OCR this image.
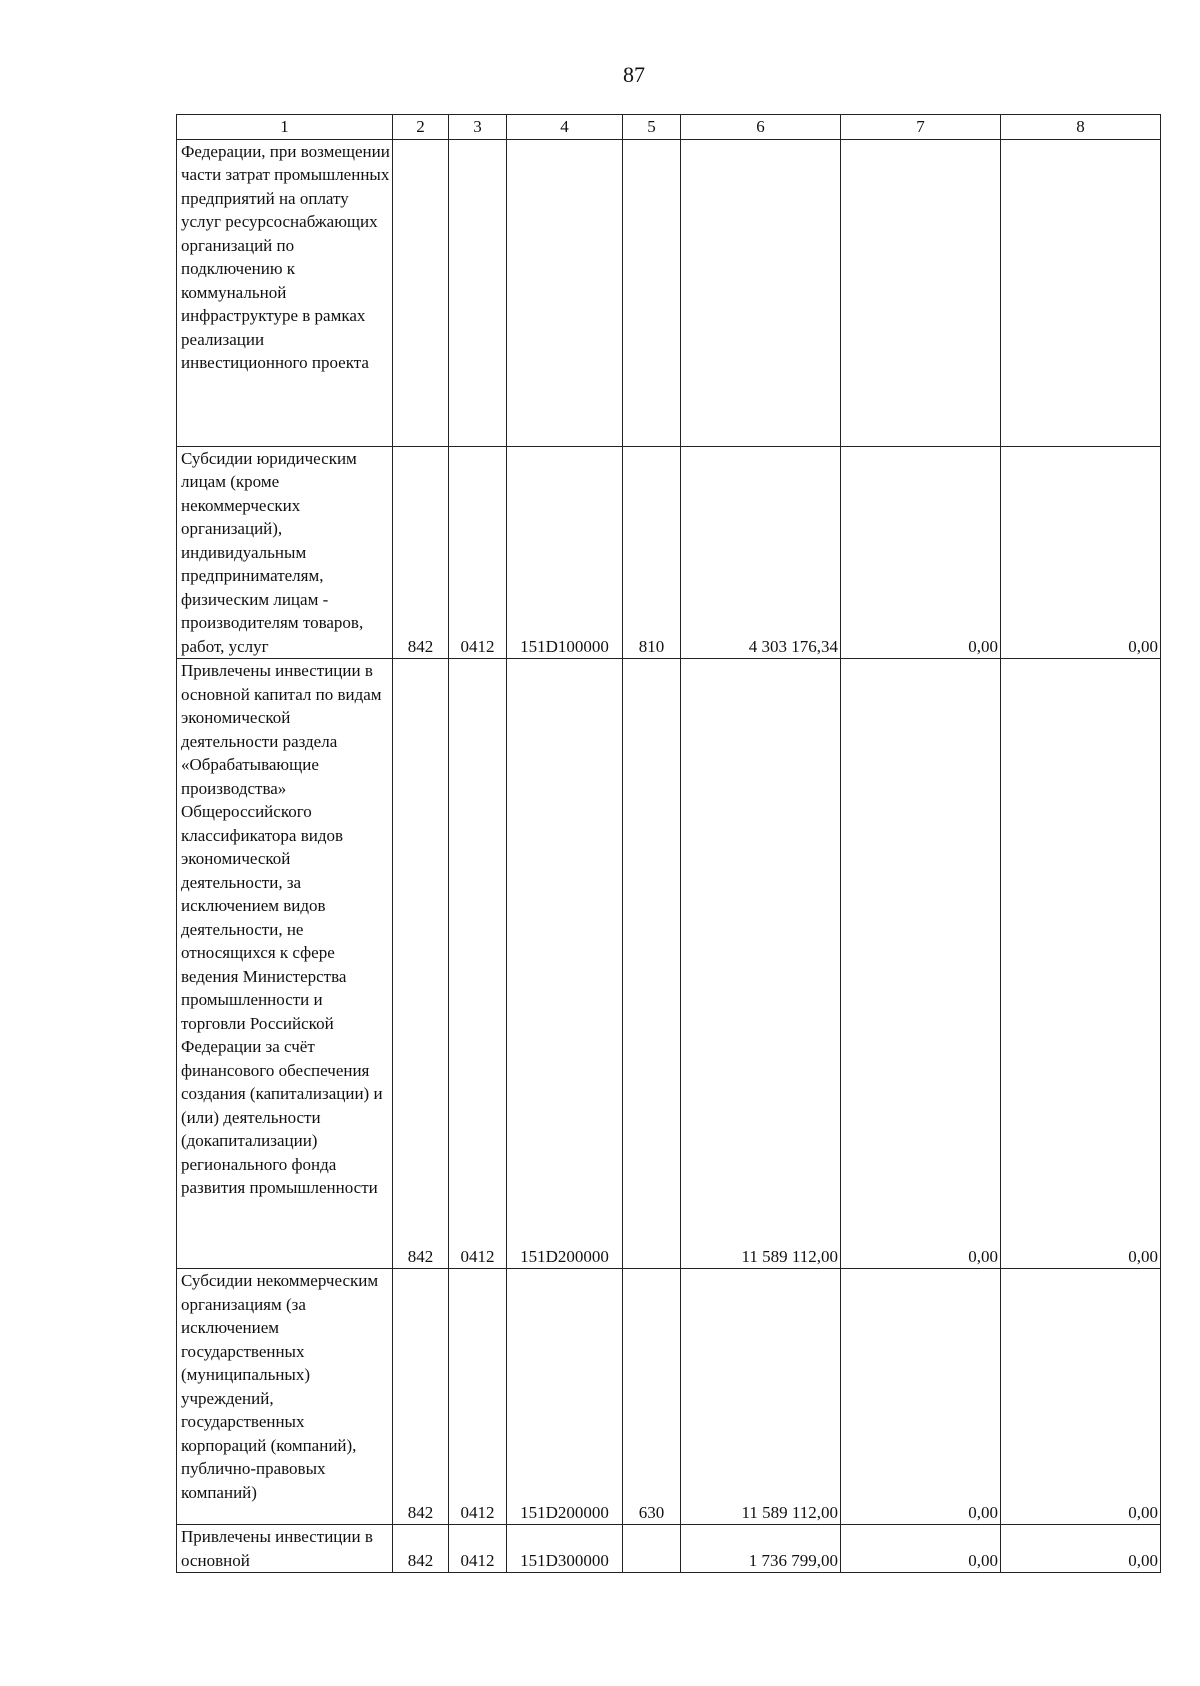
87
1	2	3	4	5	6	7	8

Федерации, при возмещении части затрат промышленных предприятий на оплату услуг ресурсоснабжающих организаций по подключению к коммунальной инфраструктуре в рамках реализации инвестиционного проекта							

Субсидии юридическим лицам (кроме некоммерческих организаций), индивидуальным предпринимателям, физическим лицам - производителям товаров, работ, услуг	842	0412	151D100000	810	4 303 176,34	0,00	0,00

Привлечены инвестиции в основной капитал по видам экономической деятельности раздела «Обрабатывающие производства» Общероссийского классификатора видов экономической деятельности, за исключением видов деятельности, не относящихся к сфере ведения Министерства промышленности и торговли Российской Федерации за счёт финансового обеспечения создания (капитализации) и (или) деятельности (докапитализации) регионального фонда развития промышленности	842	0412	151D200000		11 589 112,00	0,00	0,00

Субсидии некоммерческим организациям (за исключением государственных (муниципальных) учреждений, государственных корпораций (компаний), публично-правовых компаний)	842	0412	151D200000	630	11 589 112,00	0,00	0,00

Привлечены инвестиции в основной	842	0412	151D300000		1 736 799,00	0,00	0,00
